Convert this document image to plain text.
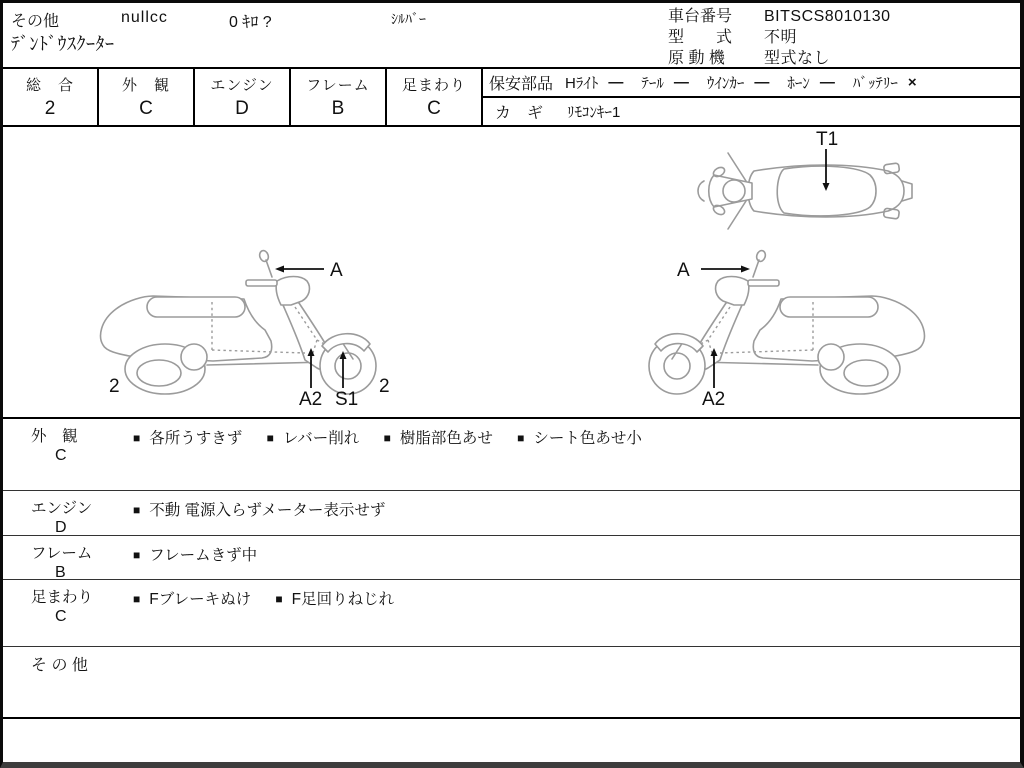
その他	nullcc	0 ｷﾛ ?	ｼﾙﾊﾞｰ
ﾃﾞﾝﾄﾞｳｽｸｰﾀｰ
車台番号 BITSCS8010130
型　　式 不明
原 動 機 型式なし
総　合
2
外　観
C
エンジン
D
フレーム
B
足まわり
C
保安部品 Hﾗｲﾄ — ﾃｰﾙ — ｳｲﾝｶｰ — ﾎｰﾝ — ﾊﾞｯﾃﾘｰ ×
カ　ギ ﾘﾓｺﾝｷｰ1
T1
A
A2 S1
2	2
A
A2
外　観
C
■ 各所うすきず ■ レバー削れ ■ 樹脂部色あせ ■ シート色あせ小
エンジン
D
■ 不動 電源入らずメーター表示せず
フレーム
B
■ フレームきず中
足まわり
C
■ Fブレーキぬけ ■ F足回りねじれ
そ の 他
